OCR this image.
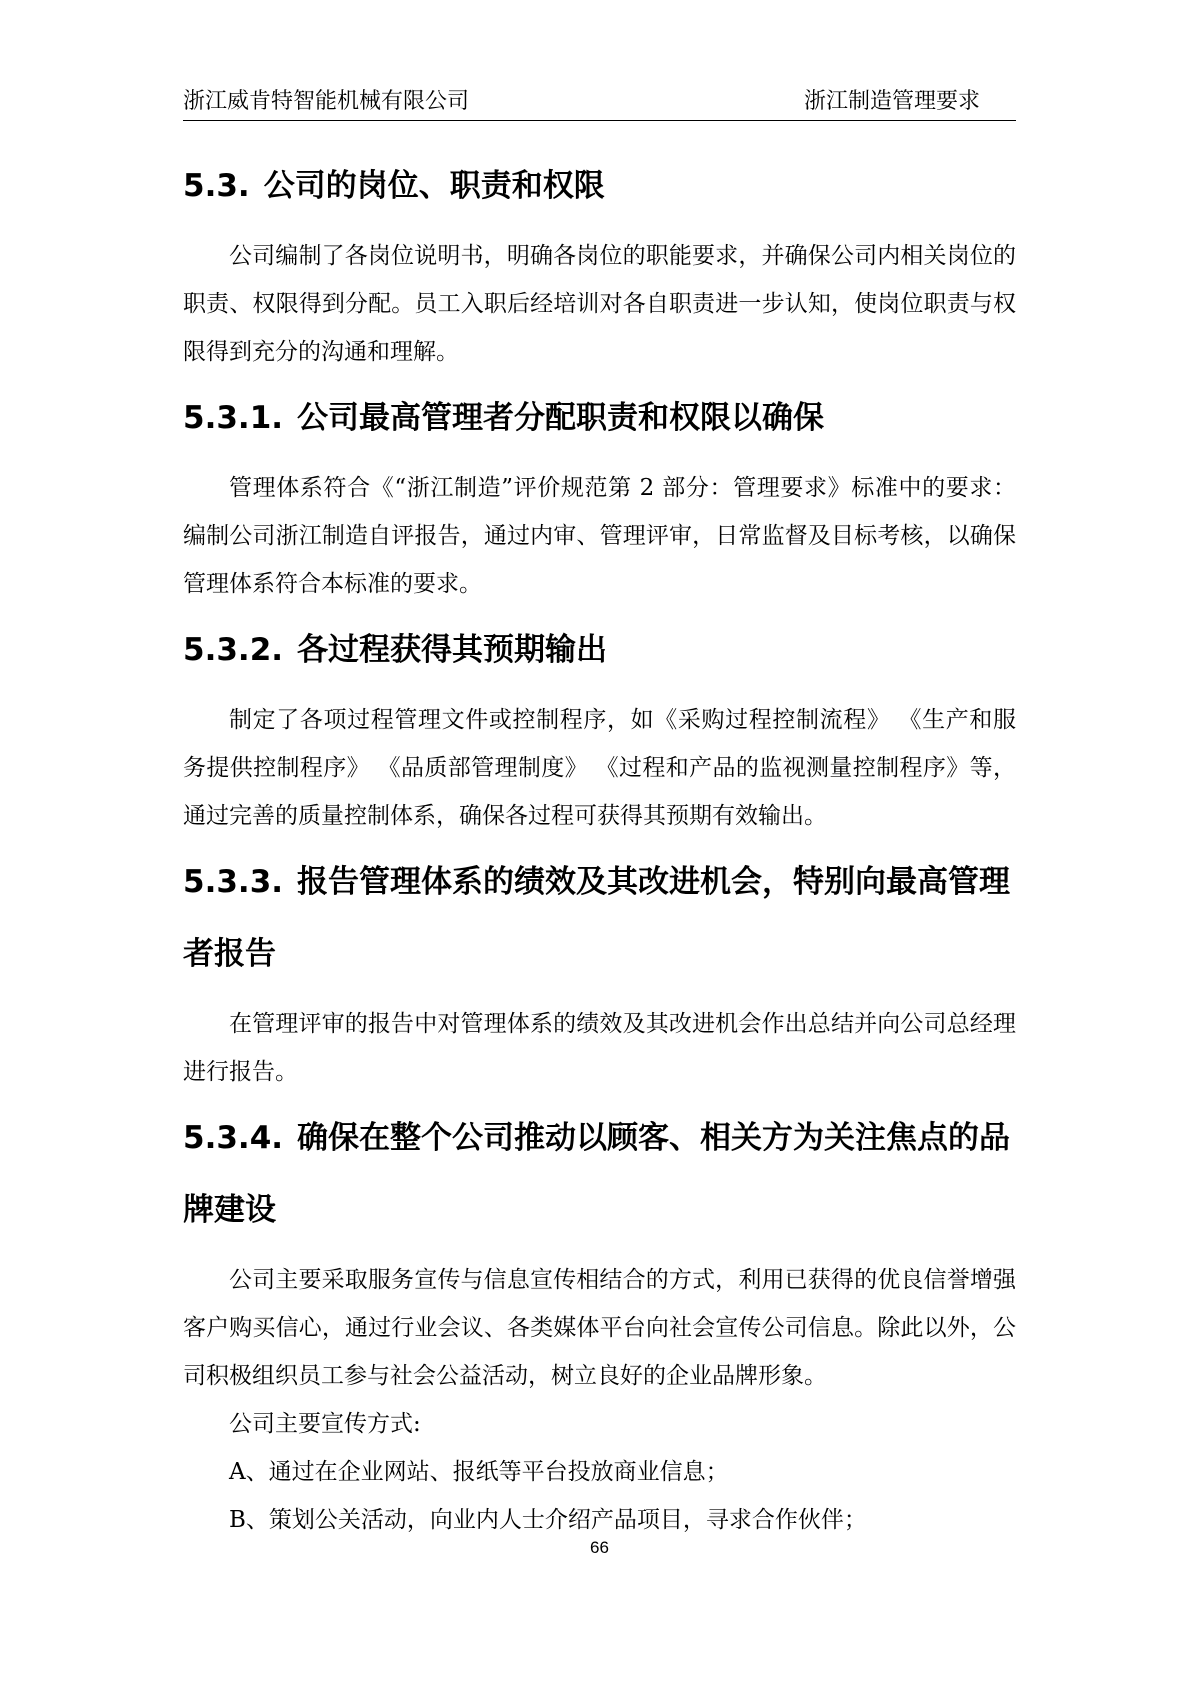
浙江威肯特智能机械有限公司	浙江制造管理要求
5.3. 公司的岗位、职责和权限

公司编制了各岗位说明书，明确各岗位的职能要求，并确保公司内相关岗位的职责、权限得到分配。员工入职后经培训对各自职责进一步认知，使岗位职责与权限得到充分的沟通和理解。

5.3.1. 公司最高管理者分配职责和权限以确保

管理体系符合《“浙江制造”评价规范第 2 部分：管理要求》标准中的要求：编制公司浙江制造自评报告，通过内审、管理评审，日常监督及目标考核，以确保管理体系符合本标准的要求。

5.3.2. 各过程获得其预期输出

制定了各项过程管理文件或控制程序，如《采购过程控制流程》 《生产和服务提供控制程序》 《品质部管理制度》 《过程和产品的监视测量控制程序》等，通过完善的质量控制体系，确保各过程可获得其预期有效输出。

5.3.3. 报告管理体系的绩效及其改进机会，特别向最高管理者报告

在管理评审的报告中对管理体系的绩效及其改进机会作出总结并向公司总经理进行报告。

5.3.4. 确保在整个公司推动以顾客、相关方为关注焦点的品牌建设

公司主要采取服务宣传与信息宣传相结合的方式，利用已获得的优良信誉增强客户购买信心，通过行业会议、各类媒体平台向社会宣传公司信息。除此以外，公司积极组织员工参与社会公益活动，树立良好的企业品牌形象。

公司主要宣传方式:

A、通过在企业网站、报纸等平台投放商业信息；

B、策划公关活动，向业内人士介绍产品项目，寻求合作伙伴；

66
